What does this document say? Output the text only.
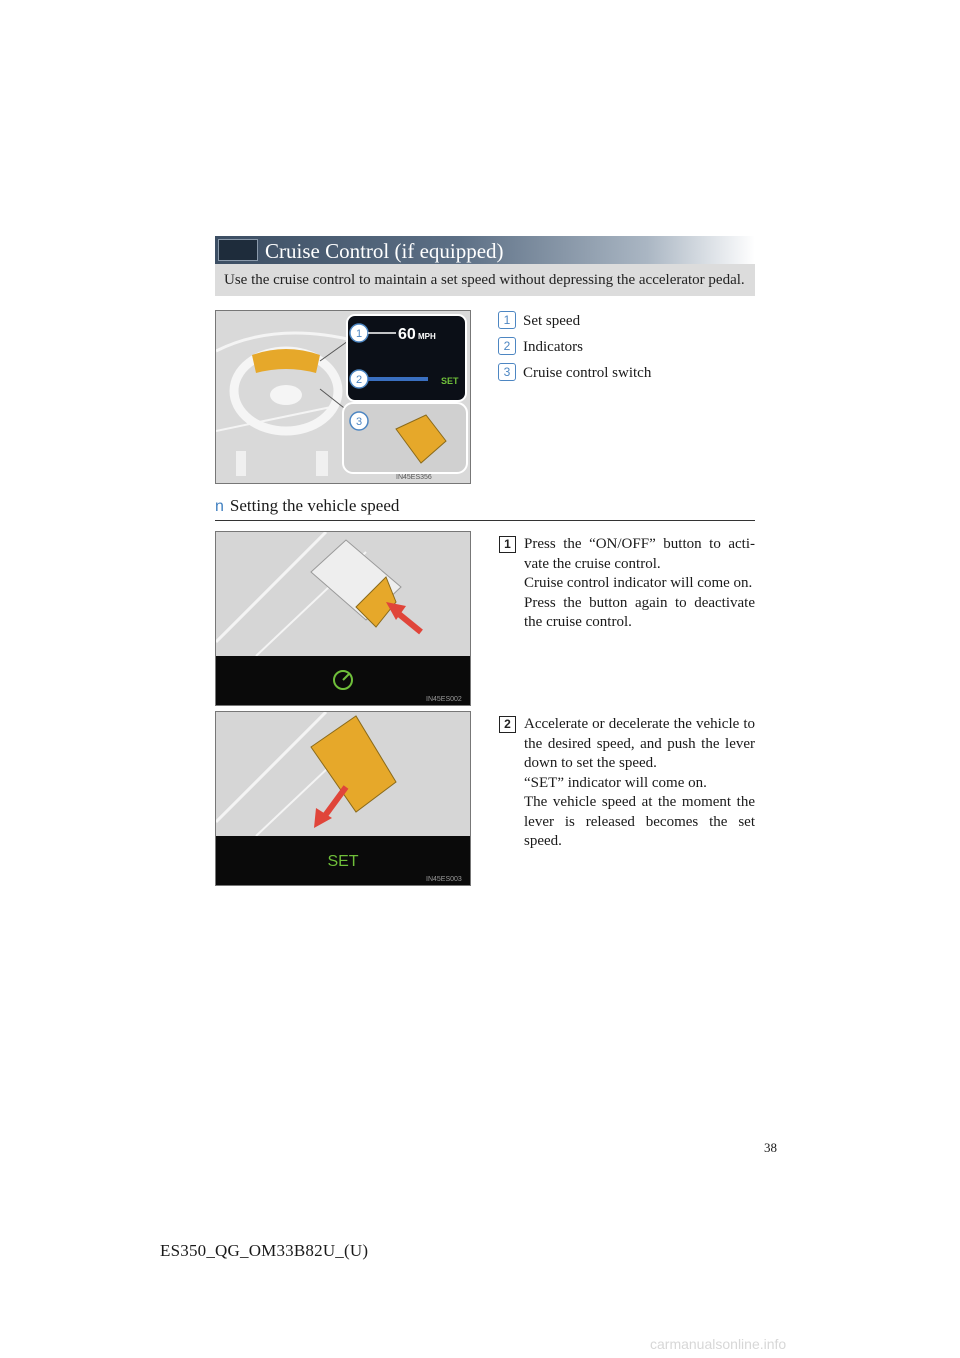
Cruise Control (if equipped)
Use the cruise control to maintain a set speed without depressing the accelerator pedal.
1 60 MPH
2	SET
3
IN45ES356
1 Set speed
2 Indicators
3 Cruise control switch
n Setting the vehicle speed
IN45ES002
1 Press the “ON/OFF” button to acti-vate the cruise control.

Cruise control indicator will come on.

Press the button again to deactivate the cruise control.

SET
IN45ES003
2 Accelerate or decelerate the vehicle to the desired speed, and push the lever down to set the speed.

“SET” indicator will come on.

The vehicle speed at the moment the lever is released becomes the set speed.

38
ES350_QG_OM33B82U_(U)
carmanualsonline.info
